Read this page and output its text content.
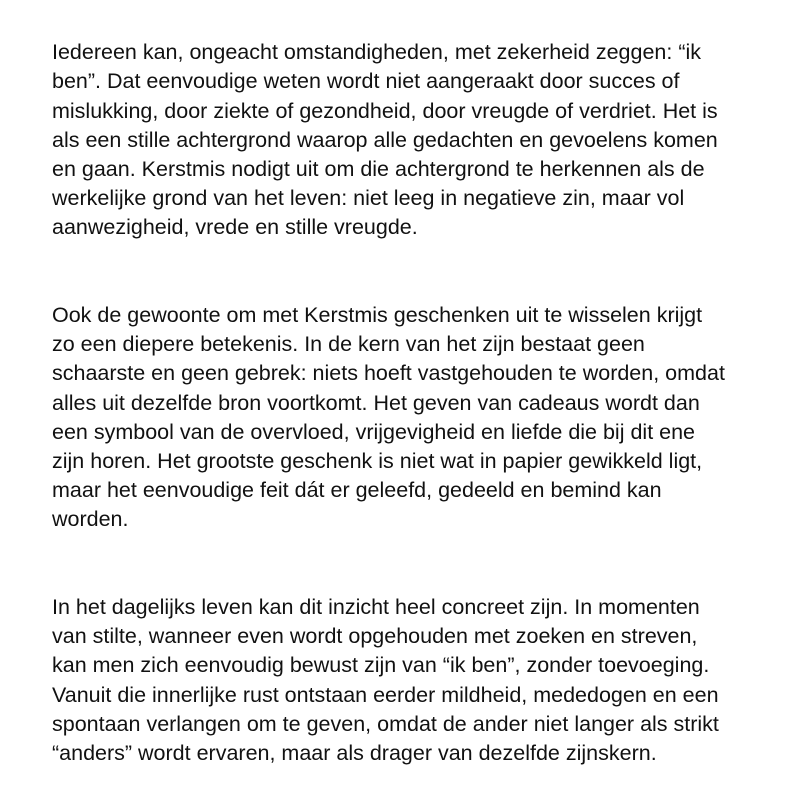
Iedereen kan, ongeacht omstandigheden, met zekerheid zeggen: “ik
ben”. Dat eenvoudige weten wordt niet aangeraakt door succes of
mislukking, door ziekte of gezondheid, door vreugde of verdriet. Het is
als een stille achtergrond waarop alle gedachten en gevoelens komen
en gaan. Kerstmis nodigt uit om die achtergrond te herkennen als de
werkelijke grond van het leven: niet leeg in negatieve zin, maar vol
aanwezigheid, vrede en stille vreugde.

Ook de gewoonte om met Kerstmis geschenken uit te wisselen krijgt
zo een diepere betekenis. In de kern van het zijn bestaat geen
schaarste en geen gebrek: niets hoeft vastgehouden te worden, omdat
alles uit dezelfde bron voortkomt. Het geven van cadeaus wordt dan
een symbool van de overvloed, vrijgevigheid en liefde die bij dit ene
zijn horen. Het grootste geschenk is niet wat in papier gewikkeld ligt,
maar het eenvoudige feit dát er geleefd, gedeeld en bemind kan
worden.

In het dagelijks leven kan dit inzicht heel concreet zijn. In momenten
van stilte, wanneer even wordt opgehouden met zoeken en streven,
kan men zich eenvoudig bewust zijn van “ik ben”, zonder toevoeging.
Vanuit die innerlijke rust ontstaan eerder mildheid, mededogen en een
spontaan verlangen om te geven, omdat de ander niet langer als strikt
“anders” wordt ervaren, maar als drager van dezelfde zijnskern.
